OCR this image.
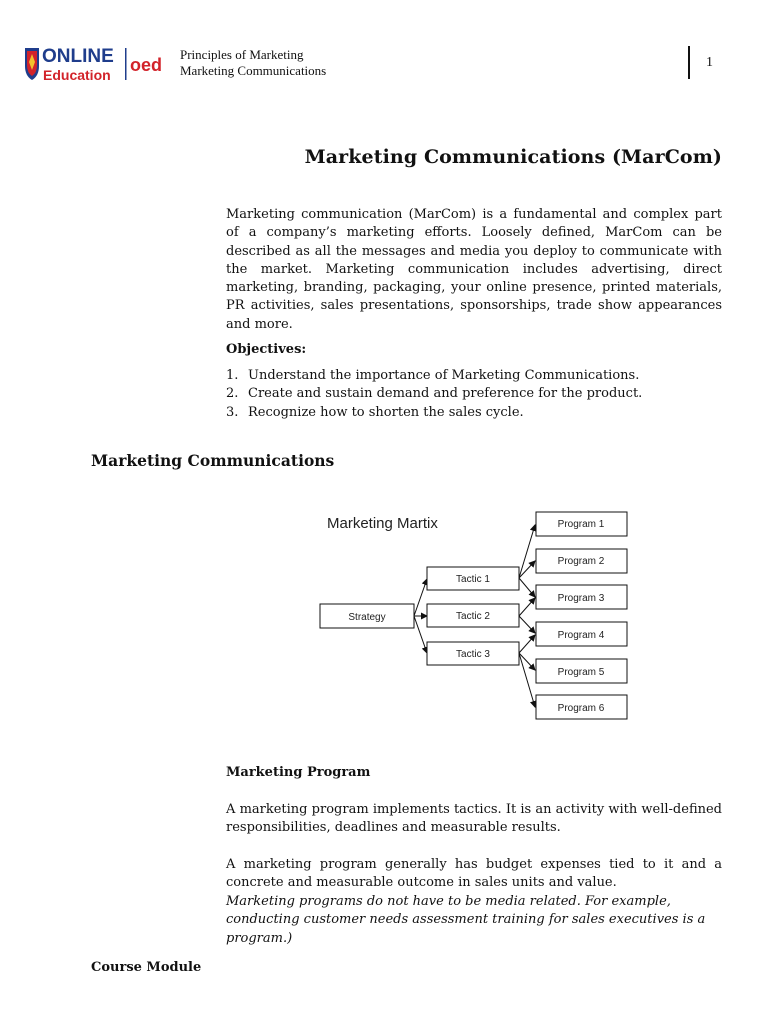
ONLINE
Education oed
Principles of Marketing
Marketing Communications
1
Marketing Communications (MarCom)
Marketing communication (MarCom) is a fundamental and complex part of a company’s marketing efforts. Loosely defined, MarCom can be described as all the messages and media you deploy to communicate with the market. Marketing communication includes advertising, direct marketing, branding, packaging, your online presence, printed materials, PR activities, sales presentations, sponsorships, trade show appearances and more.
Objectives:
1. Understand the importance of Marketing Communications.
2. Create and sustain demand and preference for the product.
3. Recognize how to shorten the sales cycle.
Marketing Communications
Marketing Martix
Strategy
Tactic 1
Tactic 2
Tactic 3
Program 1
Program 2
Program 3
Program 4
Program 5
Program 6
Marketing Program
A marketing program implements tactics. It is an activity with well-defined responsibilities, deadlines and measurable results.
A marketing program generally has budget expenses tied to it and a concrete and measurable outcome in sales units and value.
Marketing programs do not have to be media related. For example, conducting customer needs assessment training for sales executives is a program.)
Course Module
